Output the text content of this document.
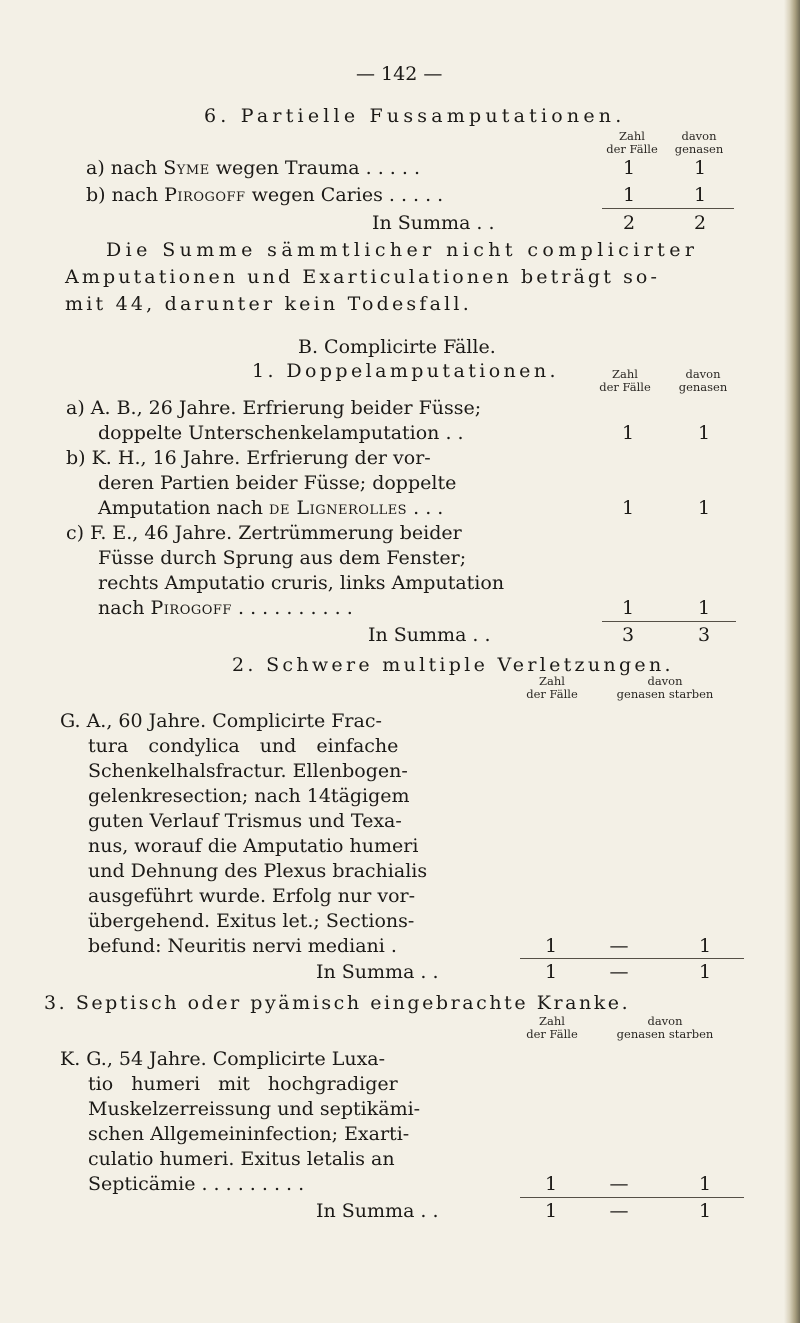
— 142 —
6. Partielle Fussamputationen.
Zahl
der Fälle
davon
genasen
a) nach Syme wegen Trauma . . . . .	1	1
b) nach Pirogoff wegen Caries . . . . .	1	1
In Summa . .	2	2
Die Summe sämmtlicher nicht complicirter
Amputationen und Exarticulationen beträgt so-
mit 44, darunter kein Todesfall.
B. Complicirte Fälle.
1. Doppelamputationen.	Zahl
der Fälle
davon
genasen
a) A. B., 26 Jahre. Erfrierung beider Füsse;
doppelte Unterschenkelamputation . .	1	1
b) K. H., 16 Jahre. Erfrierung der vor-
deren Partien beider Füsse; doppelte
Amputation nach de Lignerolles . . .	1	1
c) F. E., 46 Jahre. Zertrümmerung beider
Füsse durch Sprung aus dem Fenster;
rechts Amputatio cruris, links Amputation
nach Pirogoff . . . . . . . . . .	1	1
In Summa . .	3	3
2. Schwere multiple Verletzungen.
Zahl
der Fälle
davon
genasen starben
G. A., 60 Jahre. Complicirte Frac-
tura condylica und einfache
Schenkelhalsfractur. Ellenbogen-
gelenkresection; nach 14tägigem
guten Verlauf Trismus und Texa-
nus, worauf die Amputatio humeri
und Dehnung des Plexus brachialis
ausgeführt wurde. Erfolg nur vor-
übergehend. Exitus let.; Sections-
befund: Neuritis nervi mediani .	1	—	1
In Summa . .	1	—	1
3. Septisch oder pyämisch eingebrachte Kranke.
Zahl
der Fälle
davon
genasen starben
K. G., 54 Jahre. Complicirte Luxa-
tio humeri mit hochgradiger
Muskelzerreissung und septikämi-
schen Allgemeininfection; Exarti-
culatio humeri. Exitus letalis an
Septicämie . . . . . . . . .	1	—	1
In Summa . .	1	—	1
